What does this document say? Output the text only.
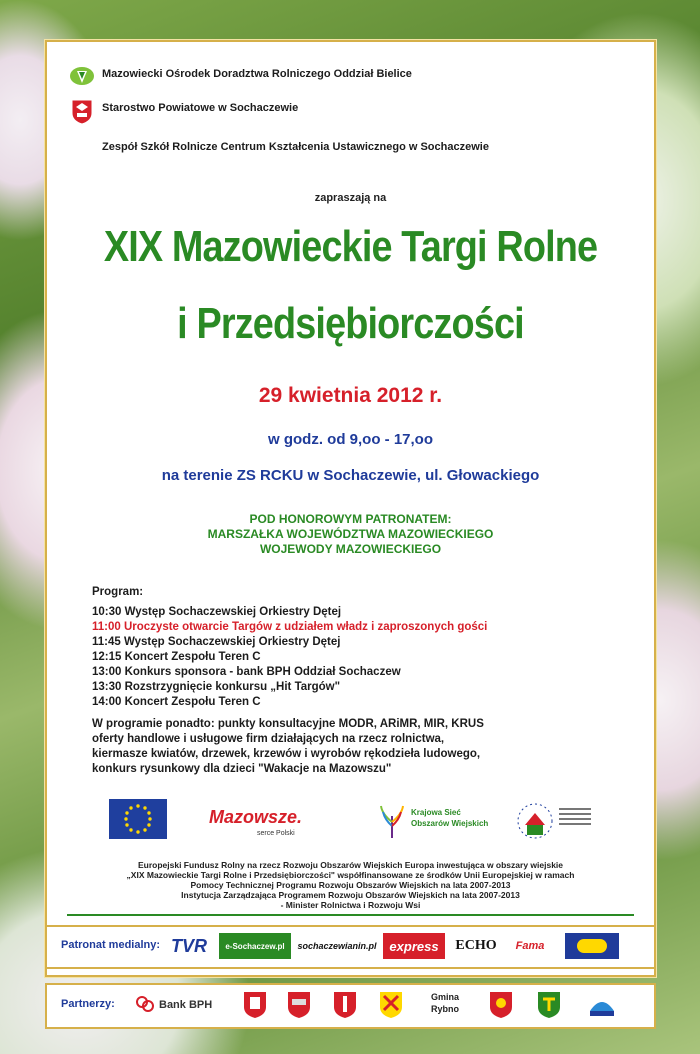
Mazowiecki Ośrodek Doradztwa Rolniczego Oddział Bielice
Starostwo Powiatowe w Sochaczewie
Zespół Szkół Rolnicze Centrum Kształcenia Ustawicznego w Sochaczewie
zapraszają na
XIX Mazowieckie Targi Rolne
i Przedsiębiorczości
29 kwietnia 2012 r.
w godz. od 9,oo - 17,oo
na terenie ZS RCKU w Sochaczewie, ul. Głowackiego
POD HONOROWYM PATRONATEM:
MARSZAŁKA WOJEWÓDZTWA MAZOWIECKIEGO
WOJEWODY MAZOWIECKIEGO
Program:
10:30 Występ Sochaczewskiej Orkiestry Dętej
11:00 Uroczyste otwarcie Targów z udziałem władz i zaproszonych gości
11:45 Występ Sochaczewskiej Orkiestry Dętej
12:15 Koncert Zespołu Teren C
13:00 Konkurs sponsora - bank BPH Oddział Sochaczew
13:30 Rozstrzygnięcie konkursu „Hit Targów"
14:00 Koncert Zespołu Teren C
W programie ponadto: punkty konsultacyjne MODR, ARiMR, MIR, KRUS
oferty handlowe i usługowe firm działających na rzecz rolnictwa,
kiermasze kwiatów, drzewek, krzewów i wyrobów rękodzieła ludowego,
konkurs rysunkowy dla dzieci "Wakacje na Mazowszu"
Mazowsze.
serce Polski
Krajowa Sieć
Obszarów Wiejskich
Europejski Fundusz Rolny na rzecz Rozwoju Obszarów Wiejskich Europa inwestująca w obszary wiejskie
„XIX Mazowieckie Targi Rolne i Przedsiębiorczości" współfinansowane ze środków Unii Europejskiej w ramach
Pomocy Technicznej Programu Rozwoju Obszarów Wiejskich na lata 2007-2013
Instytucja Zarządzająca Programem Rozwoju Obszarów Wiejskich na lata 2007-2013
- Minister Rolnictwa i Rozwoju Wsi
Patronat medialny: TVR	e-Sochaczew.pl	sochaczewianin.pl express	ECHO	Fama
Partnerzy:	Bank BPH
Gmina
Rybno
